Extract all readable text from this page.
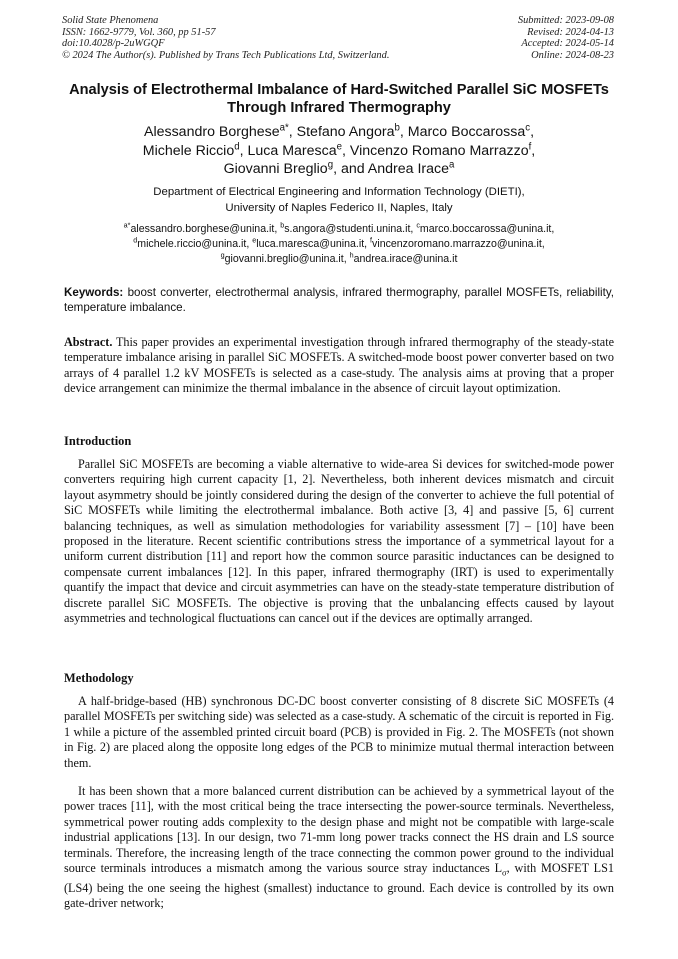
Solid State Phenomena
ISSN: 1662-9779, Vol. 360, pp 51-57
doi:10.4028/p-2uWGQF
© 2024 The Author(s). Published by Trans Tech Publications Ltd, Switzerland.
Submitted: 2023-09-08
Revised: 2024-04-13
Accepted: 2024-05-14
Online: 2024-08-23
Analysis of Electrothermal Imbalance of Hard-Switched Parallel SiC MOSFETs Through Infrared Thermography
Alessandro Borghese$^{a*}$, Stefano Angora$^b$, Marco Boccarossa$^c$,
Michele Riccio$^d$, Luca Maresca$^e$, Vincenzo Romano Marrazzo$^f$,
Giovanni Breglio$^g$, and Andrea Irace$^a$
Department of Electrical Engineering and Information Technology (DIETI),
University of Naples Federico II, Naples, Italy
$^{a*}$alessandro.borghese@unina.it, $^b$s.angora@studenti.unina.it, $^c$marco.boccarossa@unina.it,
$^d$michele.riccio@unina.it, $^e$luca.maresca@unina.it, $^f$vincenzoromano.marrazzo@unina.it,
$^g$giovanni.breglio@unina.it, $^h$andrea.irace@unina.it
Keywords: boost converter, electrothermal analysis, infrared thermography, parallel MOSFETs, reliability, temperature imbalance.
Abstract. This paper provides an experimental investigation through infrared thermography of the steady-state temperature imbalance arising in parallel SiC MOSFETs. A switched-mode boost power converter based on two arrays of 4 parallel 1.2 kV MOSFETs is selected as a case-study. The analysis aims at proving that a proper device arrangement can minimize the thermal imbalance in the absence of circuit layout optimization.
Introduction

Parallel SiC MOSFETs are becoming a viable alternative to wide-area Si devices for switched-mode power converters requiring high current capacity [1, 2]. Nevertheless, both inherent devices mismatch and circuit layout asymmetry should be jointly considered during the design of the converter to achieve the full potential of SiC MOSFETs while limiting the electrothermal imbalance. Both active [3, 4] and passive [5, 6] current balancing techniques, as well as simulation methodologies for variability assessment [7] – [10] have been proposed in the literature. Recent scientific contributions stress the importance of a symmetrical layout for a uniform current distribution [11] and report how the common source parasitic inductances can be designed to compensate current imbalances [12]. In this paper, infrared thermography (IRT) is used to experimentally quantify the impact that device and circuit asymmetries can have on the steady-state temperature distribution of discrete parallel SiC MOSFETs. The objective is proving that the unbalancing effects caused by layout asymmetries and technological fluctuations can cancel out if the devices are optimally arranged.

Methodology

A half-bridge-based (HB) synchronous DC-DC boost converter consisting of 8 discrete SiC MOSFETs (4 parallel MOSFETs per switching side) was selected as a case-study. A schematic of the circuit is reported in Fig. 1 while a picture of the assembled printed circuit board (PCB) is provided in Fig. 2. The MOSFETs (not shown in Fig. 2) are placed along the opposite long edges of the PCB to minimize mutual thermal interaction between them.

It has been shown that a more balanced current distribution can be achieved by a symmetrical layout of the power traces [11], with the most critical being the trace intersecting the power-source terminals. Nevertheless, symmetrical power routing adds complexity to the design phase and might not be compatible with large-scale industrial applications [13]. In our design, two 71-mm long power tracks connect the HS drain and LS source terminals. Therefore, the increasing length of the trace connecting the common power ground to the individual source terminals introduces a mismatch among the various source stray inductances $L_\sigma$, with MOSFET LS1 (LS4) being the one seeing the highest (smallest) inductance to ground. Each device is controlled by its own gate-driver network;
